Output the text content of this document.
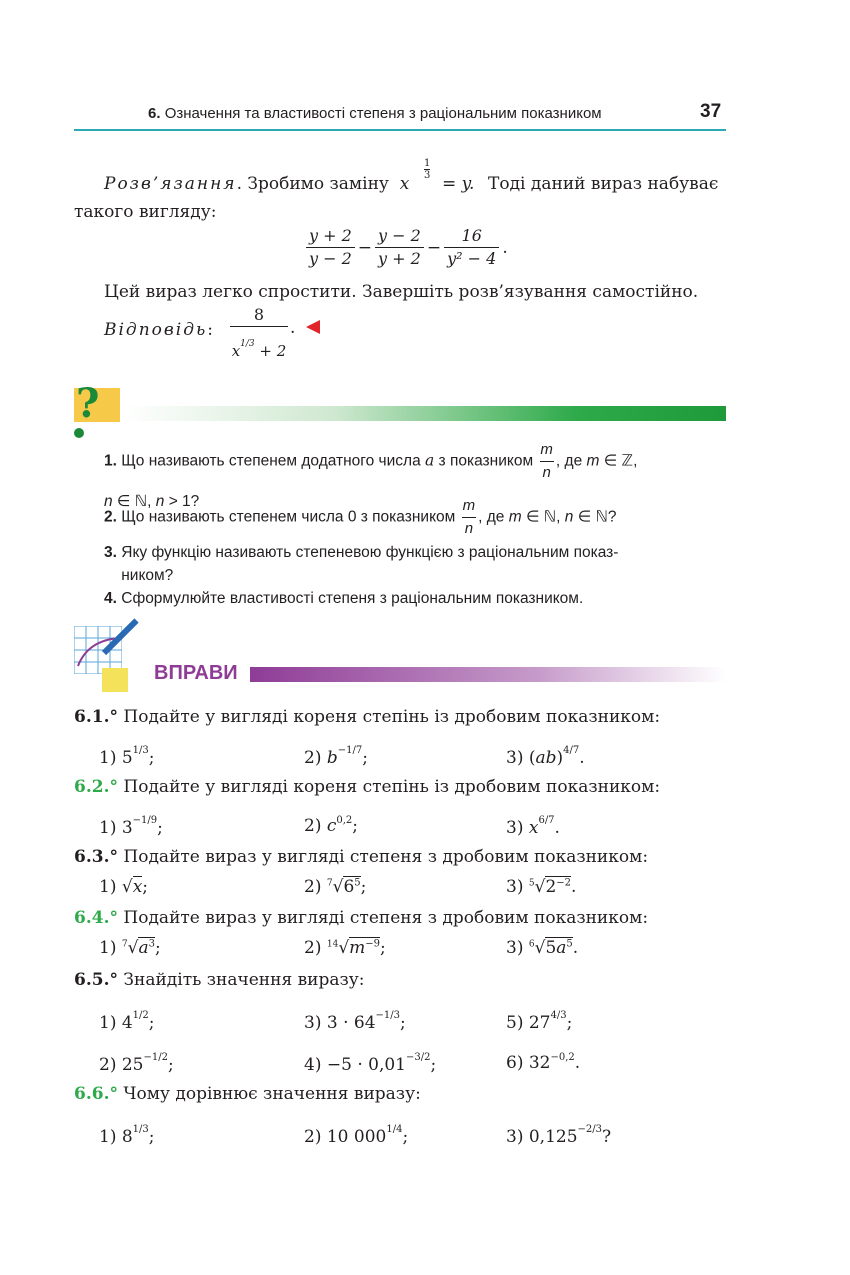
6. Означення та властивості степеня з раціональним показником	37
Розв’язання. Зробимо заміну  x
1

3 = y. Тоді даний вираз набуває
такого вигляду:
$\frac{y + 2}{y - 2} - \frac{y - 2}{y + 2} - \frac{16}{\text{y² − 4}}$ .
Цей вираз легко спростити. Завершіть розв’язування самостійно.
Відповідь:
8
$x^{1/3} + 2$
.
?
1. Що називають степенем додатного числа a з показником $\frac{m}{n}$ , де m ∈ ℤ,
n ∈ ℕ, n > 1?
2. Що називають степенем числа 0 з показником $\frac{m}{n}$ , де m ∈ ℕ, n ∈ ℕ?
3. Яку функцію називають степеневою функцією з раціональним показ-
ником?
4. Сформулюйте властивості степеня з раціональним показником.
ВПРАВИ
6.1.° Подайте у вигляді кореня степінь із дробовим показником:
1) $5^{1/3}$;	2) $b^{-1/7}$;	3) (ab)$^{4/7}$.
6.2.° Подайте у вигляді кореня степінь із дробовим показником:
1) $3^{-1/9}$;	2) $c^{0,2}$;	3) $x^{6/7}$.
6.3.° Подайте вираз у вигляді степеня з дробовим показником:
1) √x;	2) $^7√6^5$;	3) $^5√2^{-2}$.
6.4.° Подайте вираз у вигляді степеня з дробовим показником:
1) $^7√a^3$;	2) $^{14}√m^{-9}$;	3) $^6√5a^5$.
6.5.° Знайдіть значення виразу:
1) $4^{1/2}$;	3) $3 \cdot 64^{-1/3}$;	5) $27^{4/3}$;
2) $25^{-1/2}$;	$4) -5 \cdot 0,01^{-3/2}$;	6) $32^{-0,2}$.
6.6.° Чому дорівнює значення виразу:
1) $8^{1/3}$;	2) 10 $000^{1/4}$;	3) $0,125^{-2/3}$?
